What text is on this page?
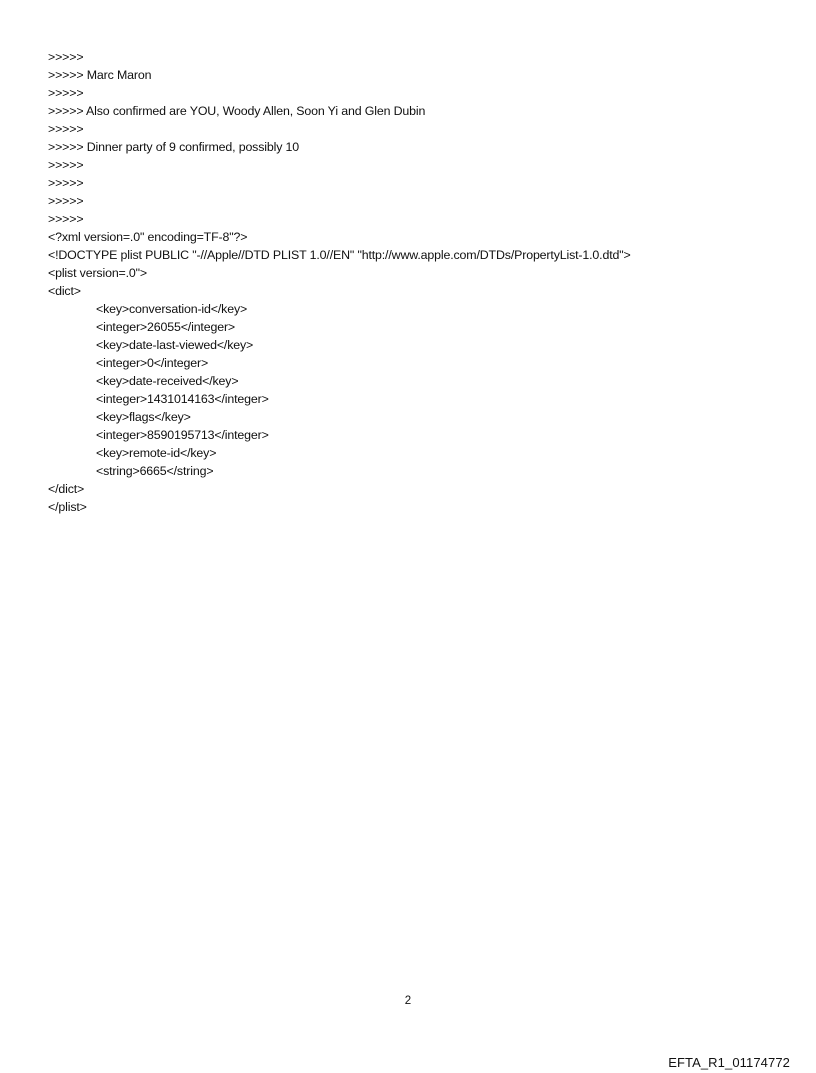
>>>>>
>>>>> Marc Maron
>>>>>
>>>>> Also confirmed are YOU, Woody Allen, Soon Yi and Glen Dubin
>>>>>
>>>>> Dinner party of 9 confirmed, possibly 10
>>>>>
>>>>>
>>>>>
>>>>>
<?xml version=.0" encoding=TF-8"?>
<!DOCTYPE plist PUBLIC "-//Apple//DTD PLIST 1.0//EN" "http://www.apple.com/DTDs/PropertyList-1.0.dtd">
<plist version=.0">
<dict>
<key>conversation-id</key>
<integer>26055</integer>
<key>date-last-viewed</key>
<integer>0</integer>
<key>date-received</key>
<integer>1431014163</integer>
<key>flags</key>
<integer>8590195713</integer>
<key>remote-id</key>
<string>6665</string>
</dict>
</plist>
2
EFTA_R1_01174772
